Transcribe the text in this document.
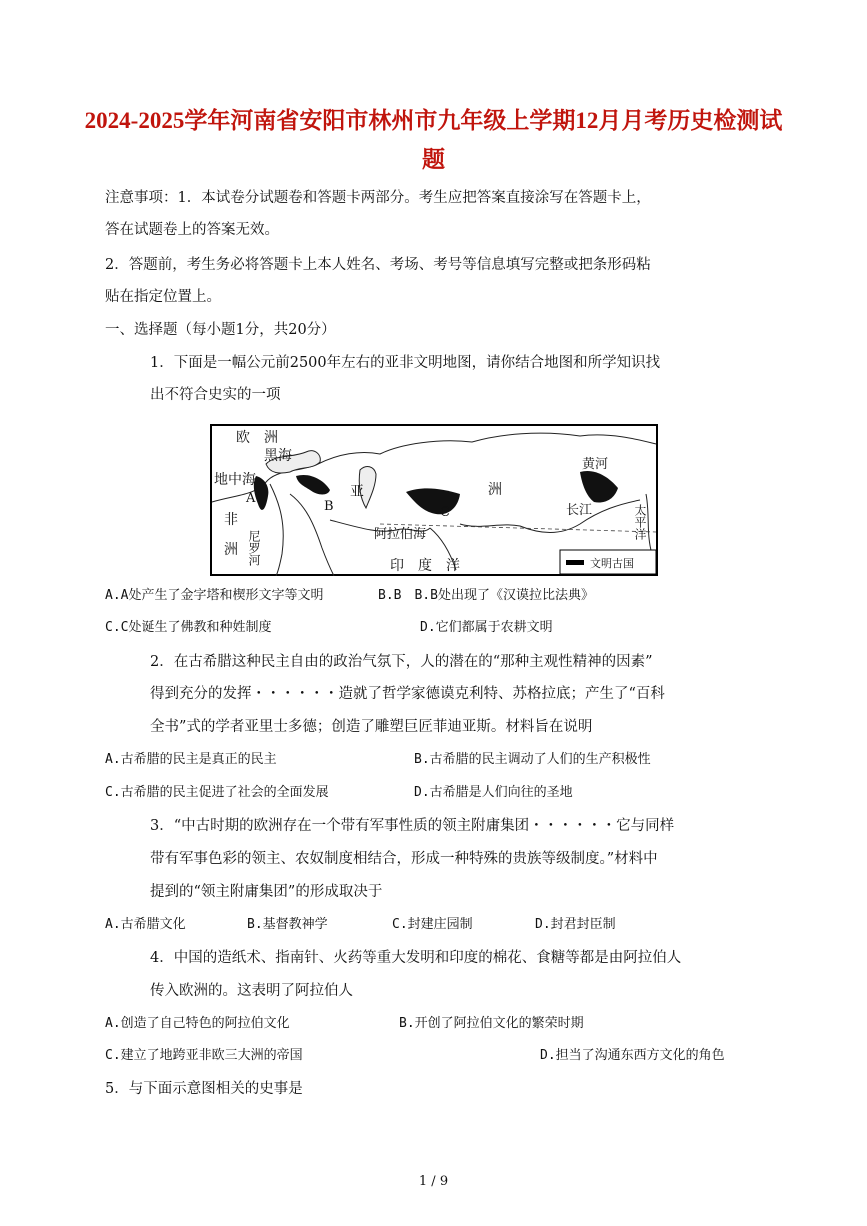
2024-2025学年河南省安阳市林州市九年级上学期12月月考历史检测试
题
注意事项：1．本试卷分试题卷和答题卡两部分。考生应把答案直接涂写在答题卡上，
答在试题卷上的答案无效。
2．答题前，考生务必将答题卡上本人姓名、考场、考号等信息填写完整或把条形码粘
贴在指定位置上。
一、选择题（每小题1分，共20分）
1．下面是一幅公元前2500年左右的亚非文明地图，请你结合地图和所学知识找
出不符合史实的一项
欧　洲
黑海
地中海
亚	洲
非
洲 尼罗河	阿拉伯海
印　度　洋
黄河
长江	太平洋
A
B	C
文明古国
A.A处产生了金字塔和楔形文字等文明	B.B　B.B处出现了《汉谟拉比法典》
C.C处诞生了佛教和种姓制度	D.它们都属于农耕文明
2．在古希腊这种民主自由的政治气氛下，人的潜在的“那种主观性精神的因素”
得到充分的发挥・・・・・・造就了哲学家德谟克利特、苏格拉底；产生了“百科
全书”式的学者亚里士多德；创造了雕塑巨匠菲迪亚斯。材料旨在说明
A.古希腊的民主是真正的民主	B.古希腊的民主调动了人们的生产积极性
C.古希腊的民主促进了社会的全面发展	D.古希腊是人们向往的圣地
3．“中古时期的欧洲存在一个带有军事性质的领主附庸集团・・・・・・它与同样
带有军事色彩的领主、农奴制度相结合，形成一种特殊的贵族等级制度。”材料中
提到的“领主附庸集团”的形成取决于
A.古希腊文化	B.基督教神学	C.封建庄园制	D.封君封臣制
4．中国的造纸术、指南针、火药等重大发明和印度的棉花、食糖等都是由阿拉伯人
传入欧洲的。这表明了阿拉伯人
A.创造了自己特色的阿拉伯文化	B.开创了阿拉伯文化的繁荣时期
C.建立了地跨亚非欧三大洲的帝国	D.担当了沟通东西方文化的角色
5．与下面示意图相关的史事是
1 / 9
